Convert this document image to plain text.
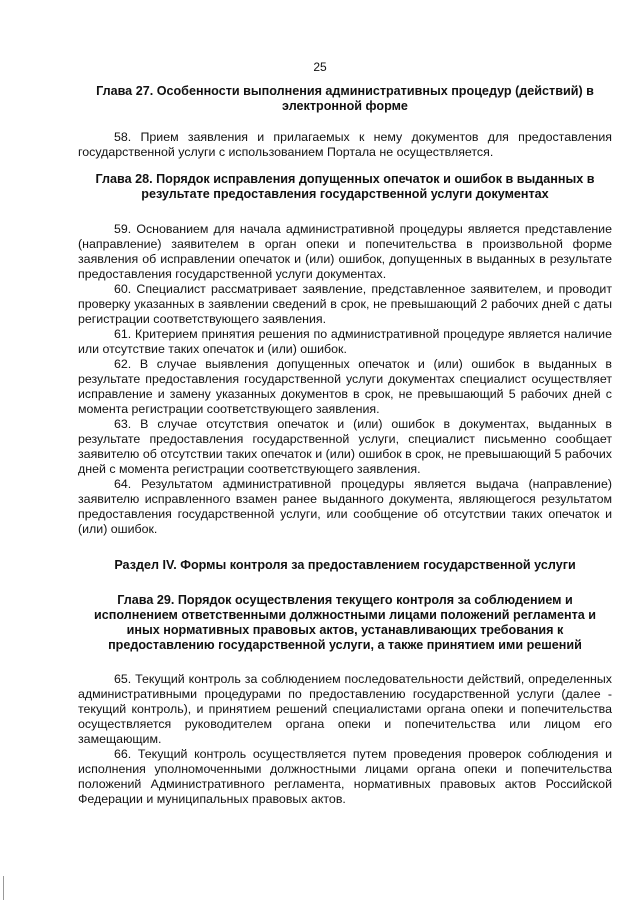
25
Глава 27. Особенности выполнения административных процедур (действий) в электронной форме

58. Прием заявления и прилагаемых к нему документов для предоставления государственной услуги с использованием Портала не осуществляется.

Глава 28. Порядок исправления допущенных опечаток и ошибок в выданных в результате предоставления государственной услуги документах

59. Основанием для начала административной процедуры является представление (направление) заявителем в орган опеки и попечительства в произвольной форме заявления об исправлении опечаток и (или) ошибок, допущенных в выданных в результате предоставления государственной услуги документах.

60. Специалист рассматривает заявление, представленное заявителем, и проводит проверку указанных в заявлении сведений в срок, не превышающий 2 рабочих дней с даты регистрации соответствующего заявления.

61. Критерием принятия решения по административной процедуре является наличие или отсутствие таких опечаток и (или) ошибок.

62. В случае выявления допущенных опечаток и (или) ошибок в выданных в результате предоставления государственной услуги документах специалист осуществляет исправление и замену указанных документов в срок, не превышающий 5 рабочих дней с момента регистрации соответствующего заявления.

63. В случае отсутствия опечаток и (или) ошибок в документах, выданных в результате предоставления государственной услуги, специалист письменно сообщает заявителю об отсутствии таких опечаток и (или) ошибок в срок, не превышающий 5 рабочих дней с момента регистрации соответствующего заявления.

64. Результатом административной процедуры является выдача (направление) заявителю исправленного взамен ранее выданного документа, являющегося результатом предоставления государственной услуги, или сообщение об отсутствии таких опечаток и (или) ошибок.

Раздел IV. Формы контроля за предоставлением государственной услуги
Глава 29. Порядок осуществления текущего контроля за соблюдением и исполнением ответственными должностными лицами положений регламента и иных нормативных правовых актов, устанавливающих требования к предоставлению государственной услуги, а также принятием ими решений

65. Текущий контроль за соблюдением последовательности действий, определенных административными процедурами по предоставлению государственной услуги (далее - текущий контроль), и принятием решений специалистами органа опеки и попечительства осуществляется руководителем органа опеки и попечительства или лицом его замещающим.

66. Текущий контроль осуществляется путем проведения проверок соблюдения и исполнения уполномоченными должностными лицами органа опеки и попечительства положений Административного регламента, нормативных правовых актов Российской Федерации и муниципальных правовых актов.
